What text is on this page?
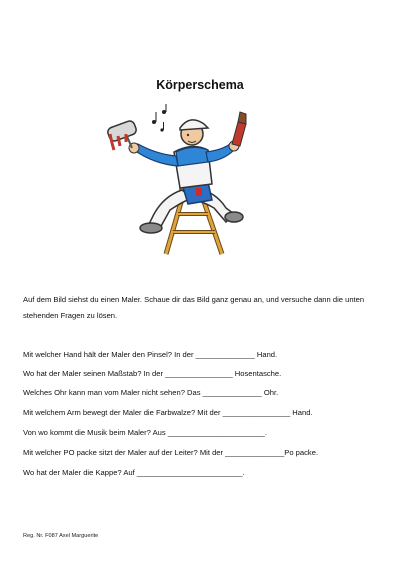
Körperschema
Auf dem Bild siehst du einen Maler. Schaue dir das Bild ganz genau an, und versuche dann die unten stehenden Fragen zu lösen.
Mit welcher Hand hält der Maler den Pinsel? In der ______________ Hand.
Wo hat der Maler seinen Maßstab? In der ________________ Hosentasche.
Welches Ohr kann man vom Maler nicht sehen? Das ______________ Ohr.
Mit welchem Arm bewegt der Maler die Farbwalze? Mit der ________________ Hand.
Von wo kommt die Musik beim Maler? Aus _______________________.
Mit welcher PO packe sitzt der Maler auf der Leiter? Mit der ______________Po packe.
Wo hat der Maler die Kappe? Auf _________________________.
Reg. Nr. F087 Axel Marguerite
